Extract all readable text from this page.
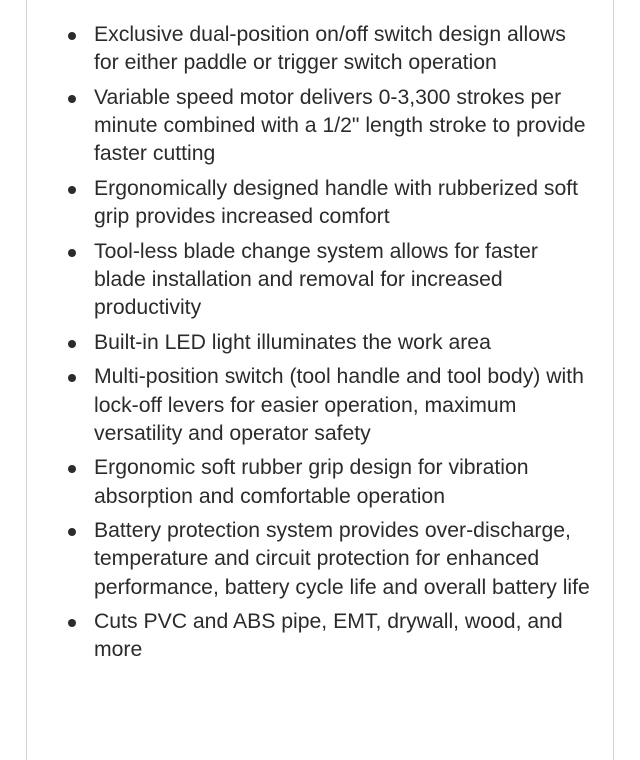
Exclusive dual-position on/off switch design allows for either paddle or trigger switch operation
Variable speed motor delivers 0-3,300 strokes per minute combined with a 1/2" length stroke to provide faster cutting
Ergonomically designed handle with rubberized soft grip provides increased comfort
Tool-less blade change system allows for faster blade installation and removal for increased productivity
Built-in LED light illuminates the work area
Multi-position switch (tool handle and tool body) with lock-off levers for easier operation, maximum versatility and operator safety
Ergonomic soft rubber grip design for vibration absorption and comfortable operation
Battery protection system provides over-discharge, temperature and circuit protection for enhanced performance, battery cycle life and overall battery life
Cuts PVC and ABS pipe, EMT, drywall, wood, and more
